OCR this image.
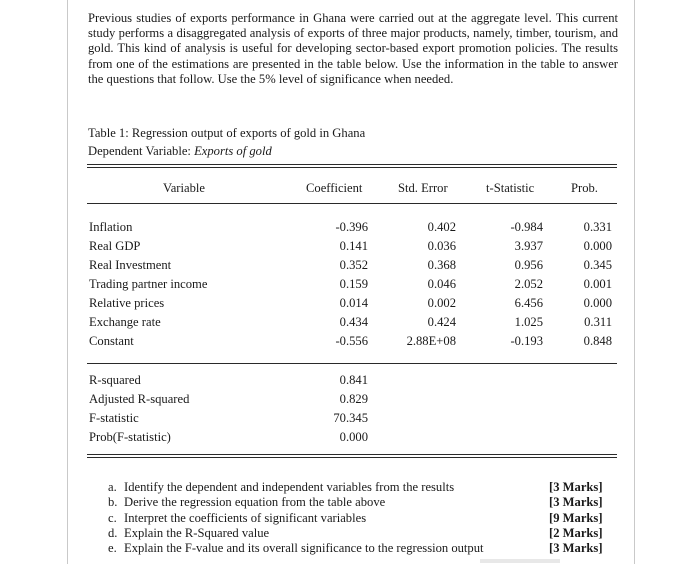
Previous studies of exports performance in Ghana were carried out at the aggregate level. This current study performs a disaggregated analysis of exports of three major products, namely, timber, tourism, and gold. This kind of analysis is useful for developing sector-based export promotion policies. The results from one of the estimations are presented in the table below. Use the information in the table to answer the questions that follow. Use the 5% level of significance when needed.

Table 1: Regression output of exports of gold in Ghana
Dependent Variable: Exports of gold
Variable	Coefficient	Std. Error	t-Statistic	Prob.
Inflation	-0.396	0.402	-0.984	0.331
Real GDP	0.141	0.036	3.937	0.000
Real Investment	0.352	0.368	0.956	0.345
Trading partner income	0.159	0.046	2.052	0.001
Relative prices	0.014	0.002	6.456	0.000
Exchange rate	0.434	0.424	1.025	0.311
Constant	-0.556	2.88E+08	-0.193	0.848
R-squared	0.841
Adjusted R-squared	0.829
F-statistic	70.345
Prob(F-statistic)	0.000
a. Identify the dependent and independent variables from the results	[3 Marks]
b. Derive the regression equation from the table above	[3 Marks]
c. Interpret the coefficients of significant variables	[9 Marks]
d. Explain the R-Squared value	[2 Marks]
e. Explain the F-value and its overall significance to the regression output	[3 Marks]
